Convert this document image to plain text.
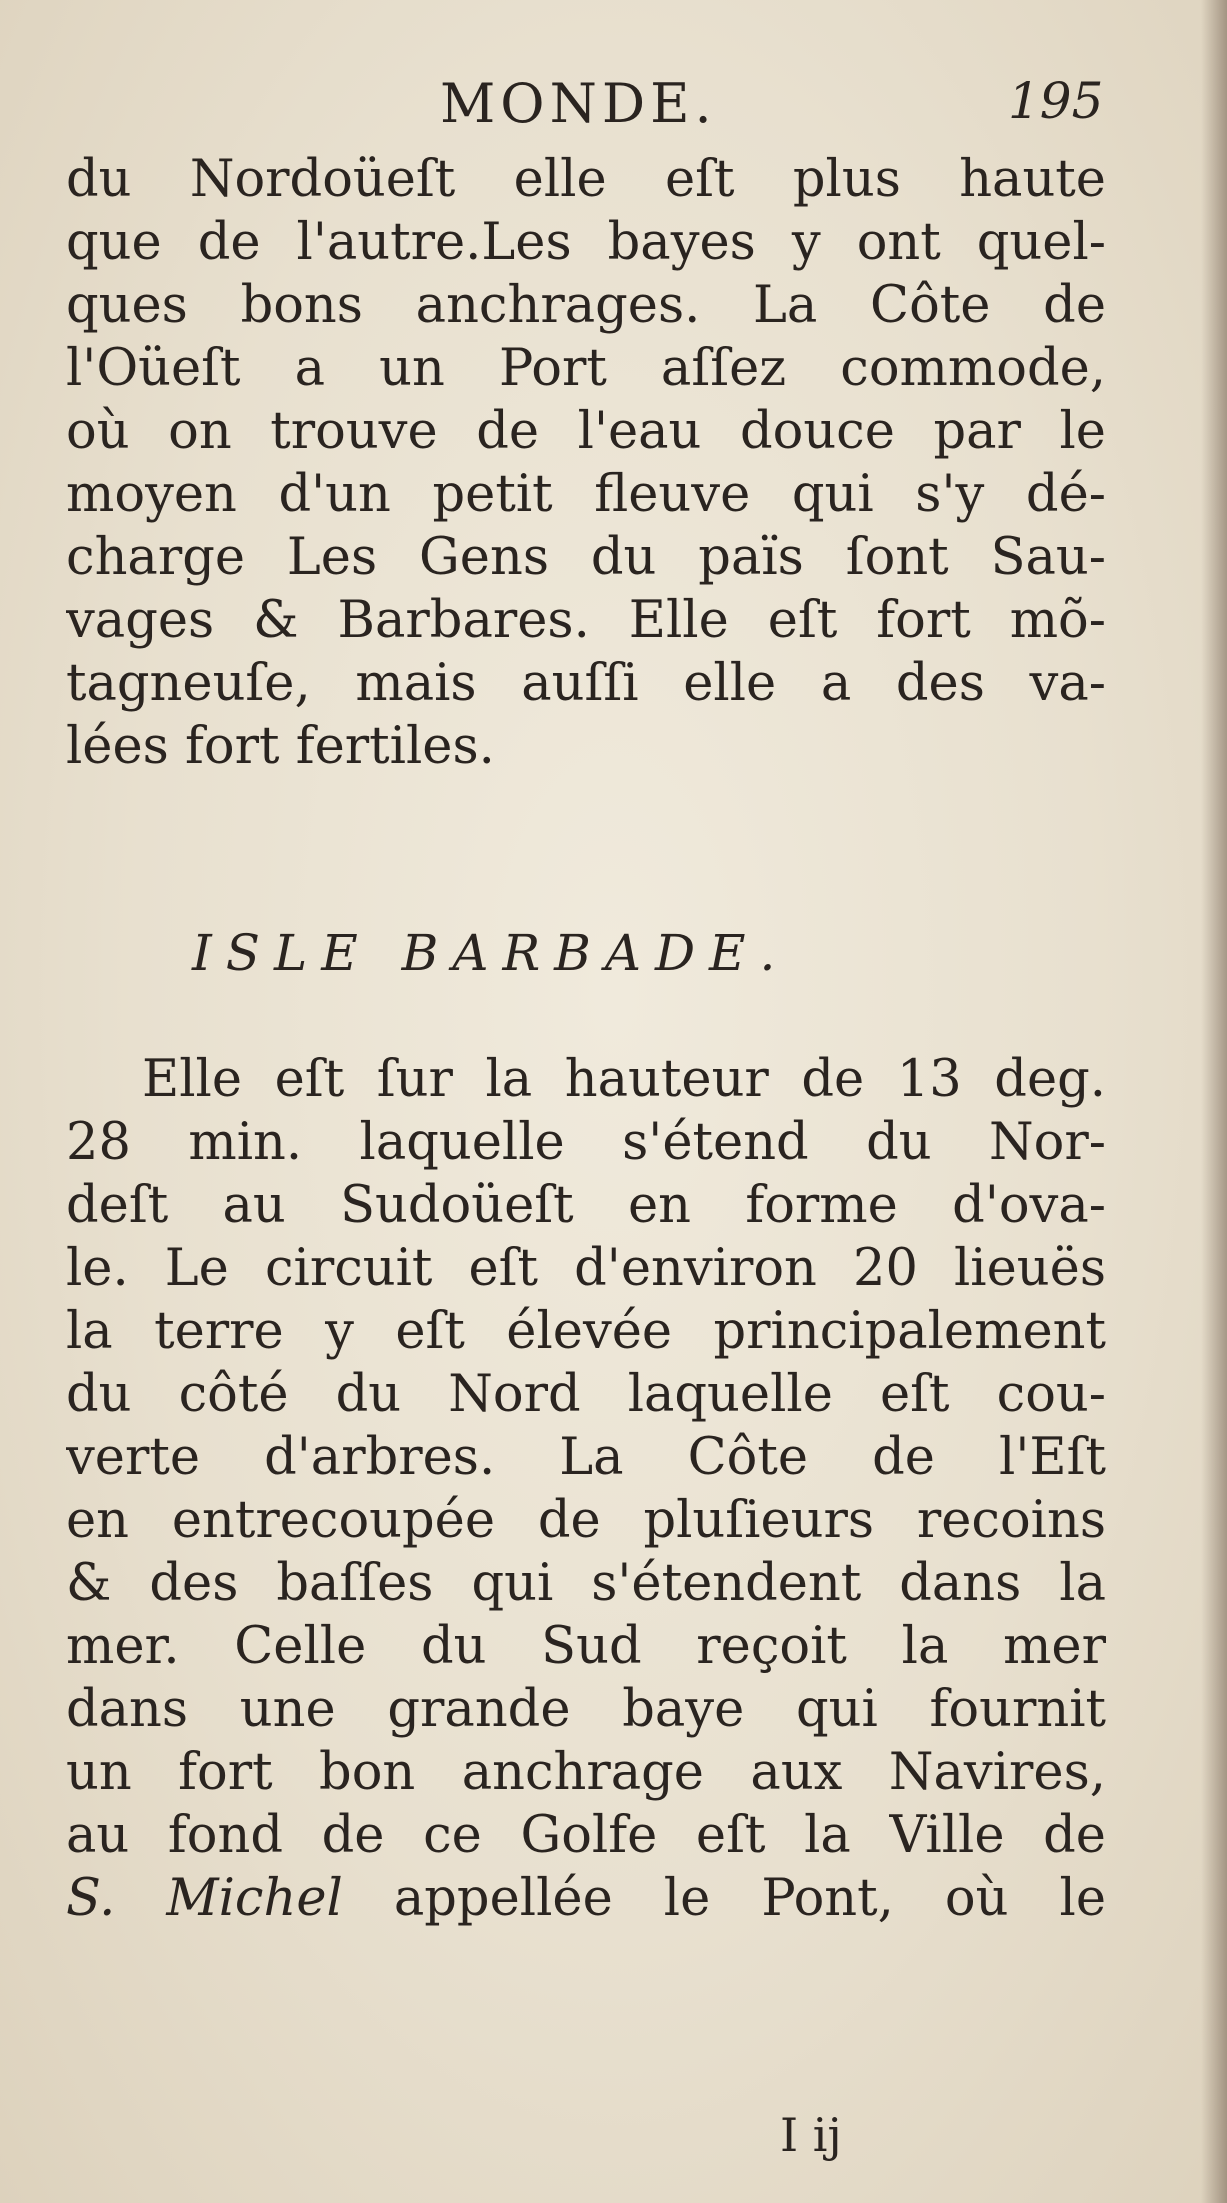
MONDE.	195
du Nordoüeſt elle eſt plus haute
que de l'autre.Les bayes y ont quel-
ques bons anchrages. La Côte de
l'Oüeſt a un Port aſſez commode,
où on trouve de l'eau douce par le
moyen d'un petit fleuve qui s'y dé-
charge Les Gens du païs ſont Sau-
vages & Barbares. Elle eſt fort mõ-
tagneuſe, mais auſſi elle a des va-
lées fort fertiles.
ISLE BARBADE.
Elle eſt ſur la hauteur de 13 deg.
28 min. laquelle s'étend du Nor-
deſt au Sudoüeſt en forme d'ova-
le. Le circuit eſt d'environ 20 lieuës
la terre y eſt élevée principalement
du côté du Nord laquelle eſt cou-
verte d'arbres. La Côte de l'Eſt
en entrecoupée de pluſieurs recoins
& des baſſes qui s'étendent dans la
mer. Celle du Sud reçoit la mer
dans une grande baye qui fournit
un fort bon anchrage aux Navires,
au fond de ce Golfe eſt la Ville de
S. Michel appellée le Pont, où le
I ij
